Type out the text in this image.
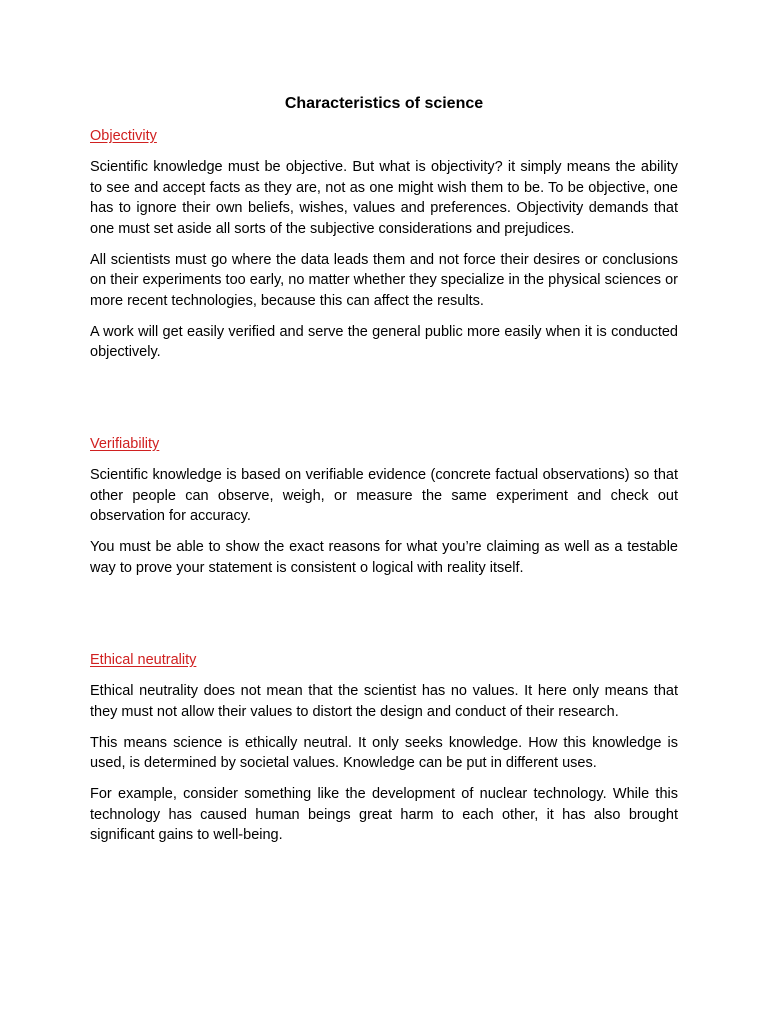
Characteristics of science
Objectivity

Scientific knowledge must be objective. But what is objectivity? it simply means the ability to see and accept facts as they are, not as one might wish them to be. To be objective, one has to ignore their own beliefs, wishes, values and preferences. Objectivity demands that one must set aside all sorts of the subjective considerations and prejudices.

All scientists must go where the data leads them and not force their desires or conclusions on their experiments too early, no matter whether they specialize in the physical sciences or more recent technologies, because this can affect the results.

A work will get easily verified and serve the general public more easily when it is conducted objectively.

Verifiability

Scientific knowledge is based on verifiable evidence (concrete factual observations) so that other people can observe, weigh, or measure the same experiment and check out observation for accuracy.

You must be able to show the exact reasons for what you’re claiming as well as a testable way to prove your statement is consistent o logical with reality itself.

Ethical neutrality

Ethical neutrality does not mean that the scientist has no values. It here only means that they must not allow their values to distort the design and conduct of their research.

This means science is ethically neutral. It only seeks knowledge. How this knowledge is used, is determined by societal values. Knowledge can be put in different uses.

For example, consider something like the development of nuclear technology. While this technology has caused human beings great harm to each other, it has also brought significant gains to well-being.
